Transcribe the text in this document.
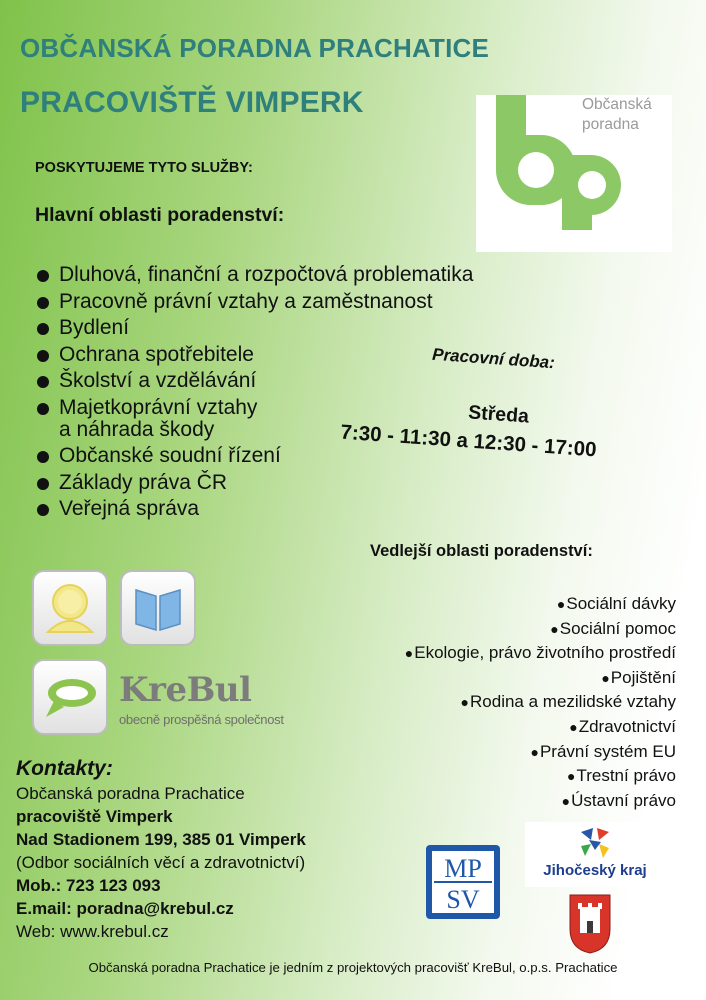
OBČANSKÁ PORADNA PRACHATICE
PRACOVIŠTĚ VIMPERK	Občanská
poradna
POSKYTUJEME TYTO SLUŽBY:
Hlavní oblasti poradenství:
Dluhová, finanční a rozpočtová problematika
Pracovně právní vztahy a zaměstnanost
Bydlení
Ochrana spotřebitele
Školství a vzdělávání
Majetkoprávní vztahy
a náhrada škody
Občanské soudní řízení
Základy práva ČR
Veřejná správa
Pracovní doba:
Středa
7:30 - 11:30 a 12:30 - 17:00
Vedlejší oblasti poradenství:
● Sociální dávky
● Sociální pomoc
● Ekologie, právo životního prostředí
● Pojištění
● Rodina a mezilidské vztahy
● Zdravotnictví
● Právní systém EU
● Trestní právo
● Ústavní právo
KreBul
obecně prospěšná společnost
Kontakty:
Občanská poradna Prachatice
pracoviště Vimperk
Nad Stadionem 199, 385 01 Vimperk
(Odbor sociálních věcí a zdravotnictví)
Mob.: 723 123 093
E.mail: poradna@krebul.cz
Web: www.krebul.cz
MP
SV
Jihočeský kraj
Občanská poradna Prachatice je jedním z projektových pracovišť KreBul, o.p.s. Prachatice
